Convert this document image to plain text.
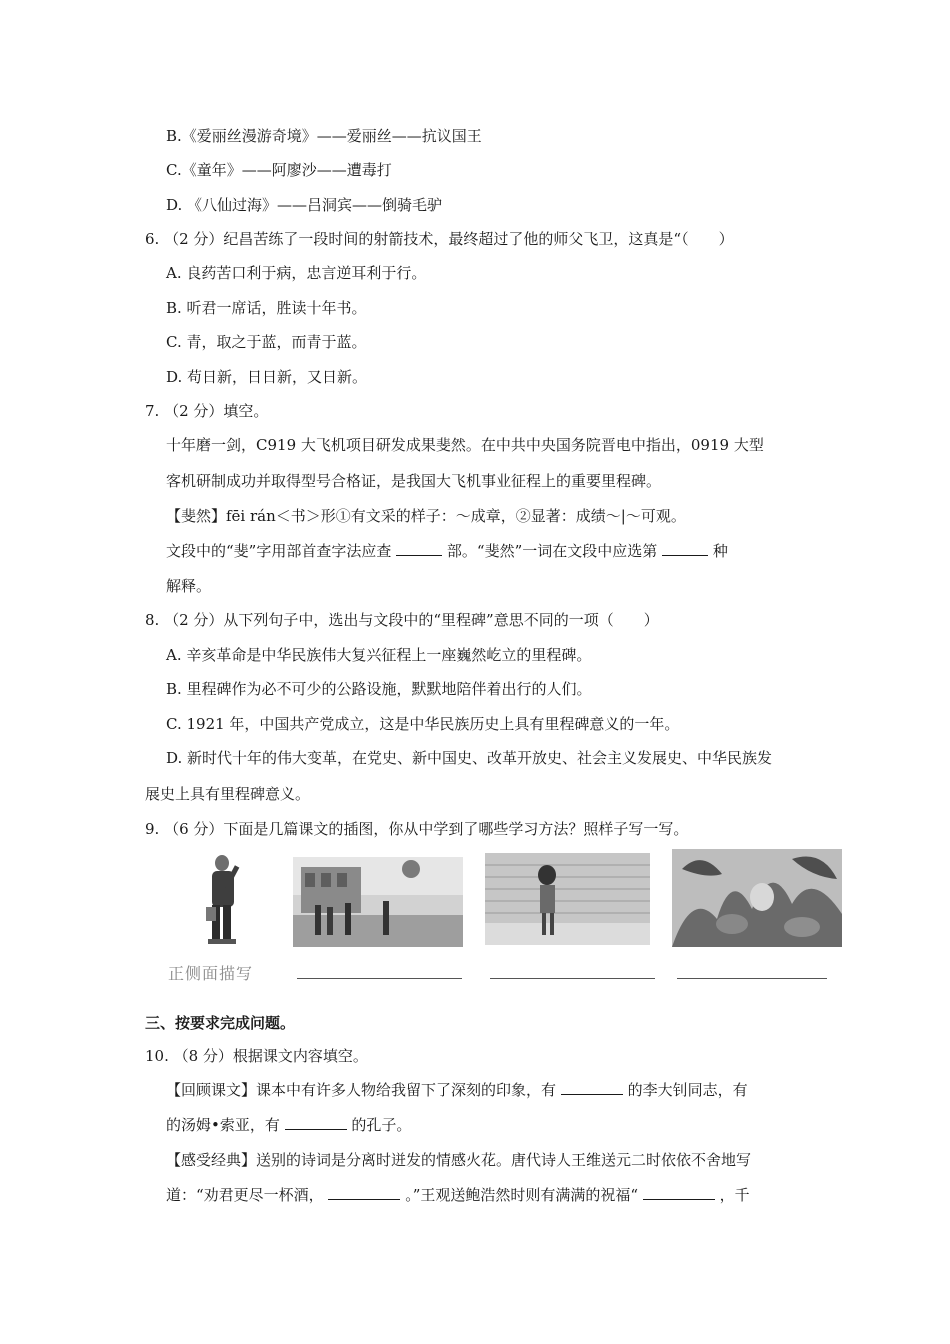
B.《爱丽丝漫游奇境》——爱丽丝——抗议国王
C.《童年》——阿廖沙——遭毒打
D. 《八仙过海》——吕洞宾——倒骑毛驴
6. （2 分）纪昌苦练了一段时间的射箭技术，最终超过了他的师父飞卫，这真是“（　　）
A. 良药苦口利于病，忠言逆耳利于行。
B. 听君一席话，胜读十年书。
C. 青，取之于蓝，而青于蓝。
D. 苟日新，日日新，又日新。
7. （2 分）填空。
十年磨一剑，C919 大飞机项目研发成果斐然。在中共中央国务院晋电中指出，0919 大型
客机研制成功并取得型号合格证，是我国大飞机事业征程上的重要里程碑。
【斐然】fēi rán＜书＞形①有文采的样子：～成章，②显著：成绩～|～可观。
文段中的“斐”字用部首查字法应查	部。“斐然”一词在文段中应选第	种
解释。
8. （2 分）从下列句子中，选出与文段中的“里程碑”意思不同的一项（　　）
A. 辛亥革命是中华民族伟大复兴征程上一座巍然屹立的里程碑。
B. 里程碑作为必不可少的公路设施，默默地陪伴着出行的人们。
C. 1921 年，中国共产党成立，这是中华民族历史上具有里程碑意义的一年。
D. 新时代十年的伟大变革，在党史、新中国史、改革开放史、社会主义发展史、中华民族发
展史上具有里程碑意义。
9. （6 分）下面是几篇课文的插图，你从中学到了哪些学习方法？照样子写一写。
正侧面描写
三、按要求完成问题。
10. （8 分）根据课文内容填空。
【回顾课文】课本中有许多人物给我留下了深刻的印象，有	的李大钊同志，有
的汤姆•索亚，有	的孔子。
【感受经典】送别的诗词是分离时迸发的情感火花。唐代诗人王维送元二时依依不舍地写
道：“劝君更尽一杯酒，	。”王观送鲍浩然时则有满满的祝福“	，千
